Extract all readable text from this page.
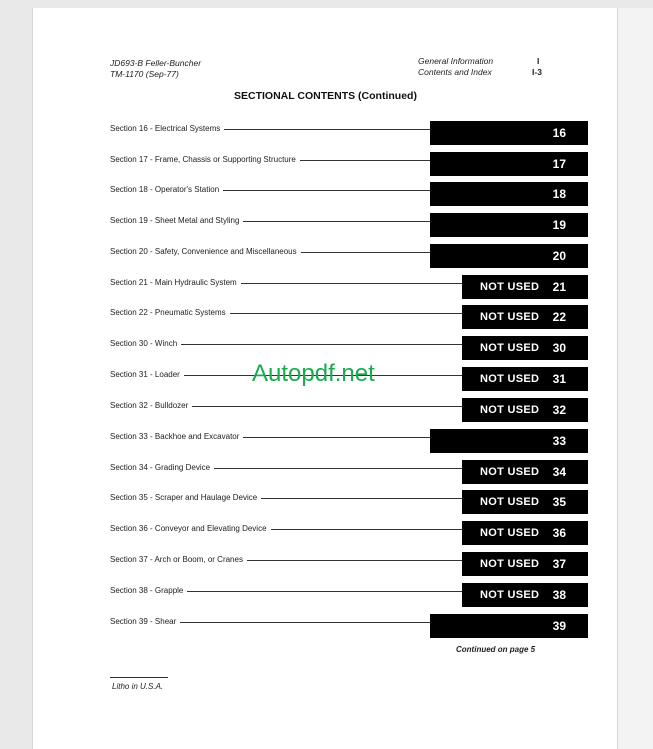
JD693-B Feller-Buncher
TM-1170 (Sep-77)
General Information
Contents and Index
I
I-3
SECTIONAL CONTENTS (Continued)
Section 16 - Electrical Systems	16
Section 17 - Frame, Chassis or Supporting Structure	17
Section 18 - Operator's Station	18
Section 19 - Sheet Metal and Styling	19
Section 20 - Safety, Convenience and Miscellaneous	20
Section 21 - Main Hydraulic System	NOT USED 21
Section 22 - Pneumatic Systems	NOT USED 22
Section 30 - Winch	NOT USED 30
Section 31 - Loader	NOT USED 31
Section 32 - Bulldozer	NOT USED 32
Section 33 - Backhoe and Excavator	33
Section 34 - Grading Device	NOT USED 34
Section 35 - Scraper and Haulage Device	NOT USED 35
Section 36 - Conveyor and Elevating Device	NOT USED 36
Section 37 - Arch or Boom, or Cranes	NOT USED 37
Section 38 - Grapple	NOT USED 38
Section 39 - Shear	39
Autopdf.net
Continued on page 5
Litho in U.S.A.
